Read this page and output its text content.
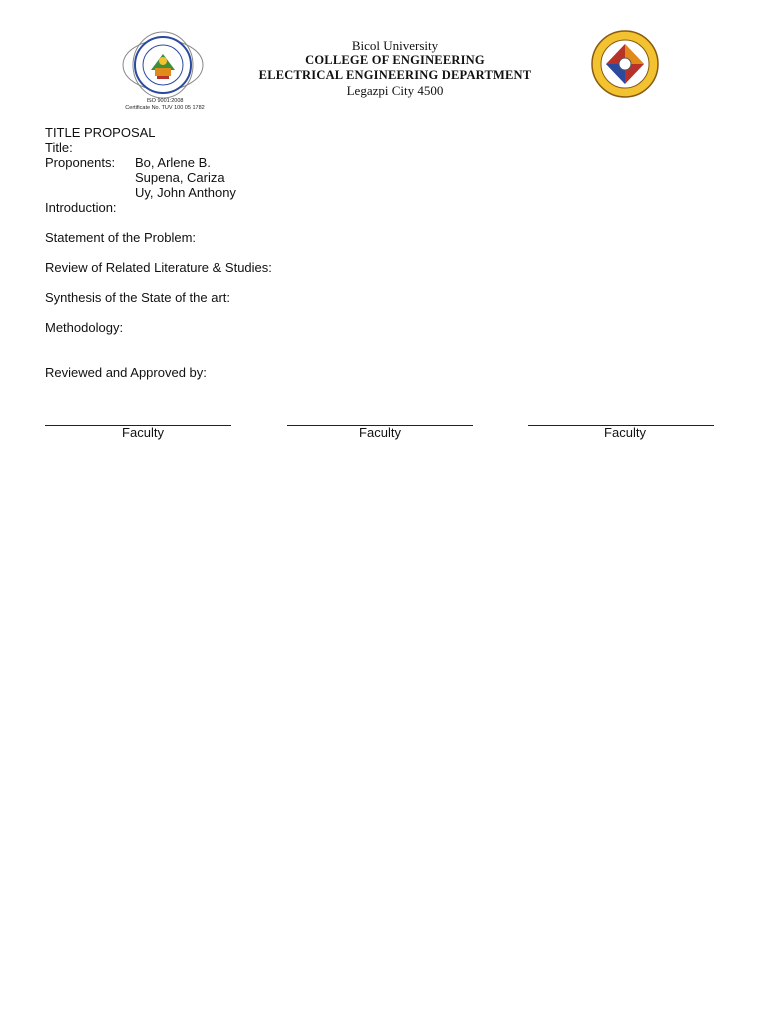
ISO 9001:2008
Certificate No. TUV 100 05 1782
Bicol University
COLLEGE OF ENGINEERING
ELECTRICAL ENGINEERING DEPARTMENT
Legazpi City 4500
TITLE PROPOSAL
Title:
Proponents: Bo, Arlene B.
Supena, Cariza
Uy, John Anthony
Introduction:
Statement of the Problem:
Review of Related Literature & Studies:
Synthesis of the State of the art:
Methodology:
Reviewed and Approved by:
Faculty	Faculty	Faculty
